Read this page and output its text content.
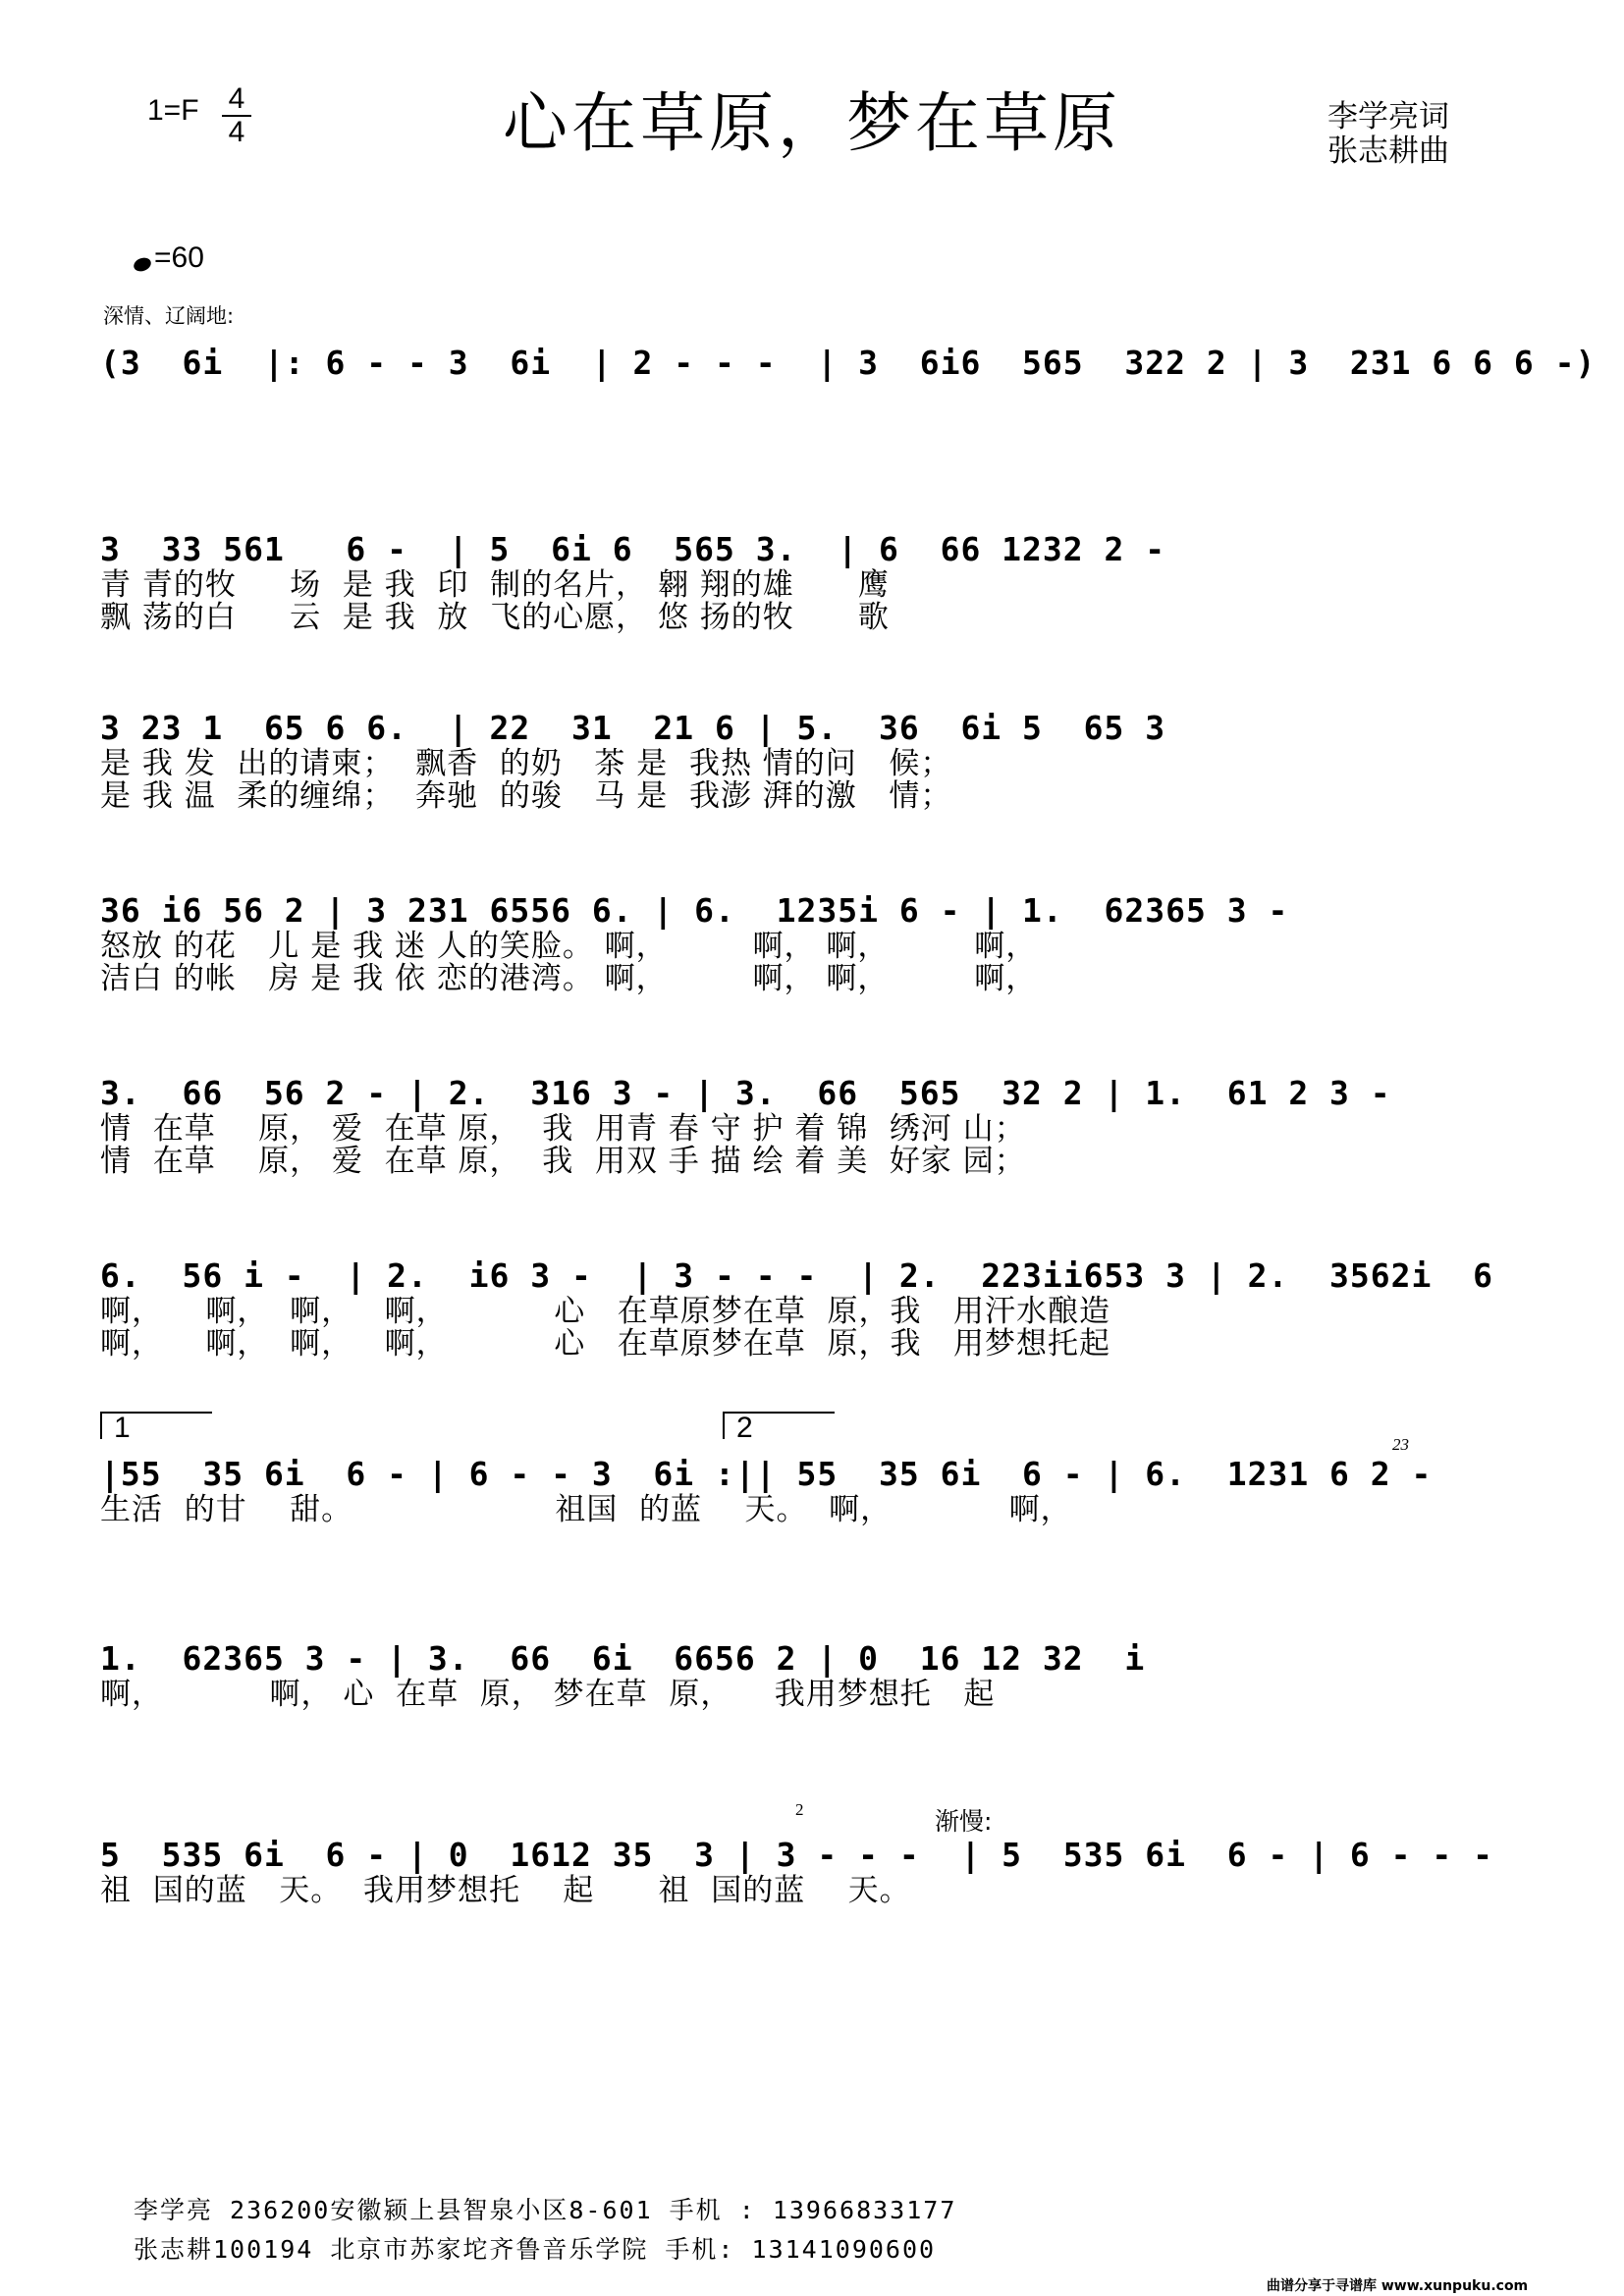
1=F 4
4	心在草原，梦在草原	李学亮词
张志耕曲
=60
深情、辽阔地:
(3  6i  |: 6 - - 3  6i  | 2 - - -  | 3  6i6  565  322 2 | 3  231 6 6 6 -)
3  33 561   6 -  | 5  6i 6  565 3.  | 6  66 1232 2 -
青 青的牧     场  是 我  印  制的名片， 翱 翔的雄      鹰
飘 荡的白     云  是 我  放  飞的心愿， 悠 扬的牧      歌
3 23 1  65 6 6.  | 22  31  21 6 | 5.  36  6i 5  65 3
是 我 发  出的请柬；  飘香  的奶   茶 是  我热 情的问   候；
是 我 温  柔的缠绵；  奔驰  的骏   马 是  我澎 湃的激   情；
36 i6 56 2 | 3 231 6556 6. | 6.  1235i 6 - | 1.  62365 3 -
怒放 的花   儿 是 我 迷 人的笑脸。 啊，        啊， 啊，        啊，
洁白 的帐   房 是 我 依 恋的港湾。 啊，        啊， 啊，        啊，
3.  66  56 2 - | 2.  316 3 - | 3.  66  565  32 2 | 1.  61 2 3 -
情  在草    原， 爱  在草 原，  我  用青 春 守 护 着 锦  绣河 山；
情  在草    原， 爱  在草 原，  我  用双 手 描 绘 着 美  好家 园；
6.  56 i -  | 2.  i6 3 -  | 3 - - -  | 2.  223ii653 3 | 2.  3562i  6
啊，    啊，  啊，   啊，          心   在草原梦在草  原，我   用汗水酿造
啊，    啊，  啊，   啊，          心   在草原梦在草  原，我   用梦想托起
1	2
23
|55  35 6i  6 - | 6 - - 3  6i :|| 55  35 6i  6 - | 6.  1231 6 2 -
生活  的甘    甜。                   祖国  的蓝    天。  啊，           啊，
1.  62365 3 - | 3.  66  6i  6656 2 | 0  16 12 32  i
啊，          啊， 心  在草  原， 梦在草  原，    我用梦想托   起
渐慢:
2
5  535 6i  6 - | 0  1612 35  3 | 3 - - -  | 5  535 6i  6 - | 6 - - -
祖  国的蓝   天。  我用梦想托    起      祖  国的蓝    天。
李学亮 236200安徽颍上县智泉小区8-601 手机 : 13966833177
张志耕100194 北京市苏家坨齐鲁音乐学院 手机: 13141090600
曲谱分享于寻谱库 www.xunpuku.com
